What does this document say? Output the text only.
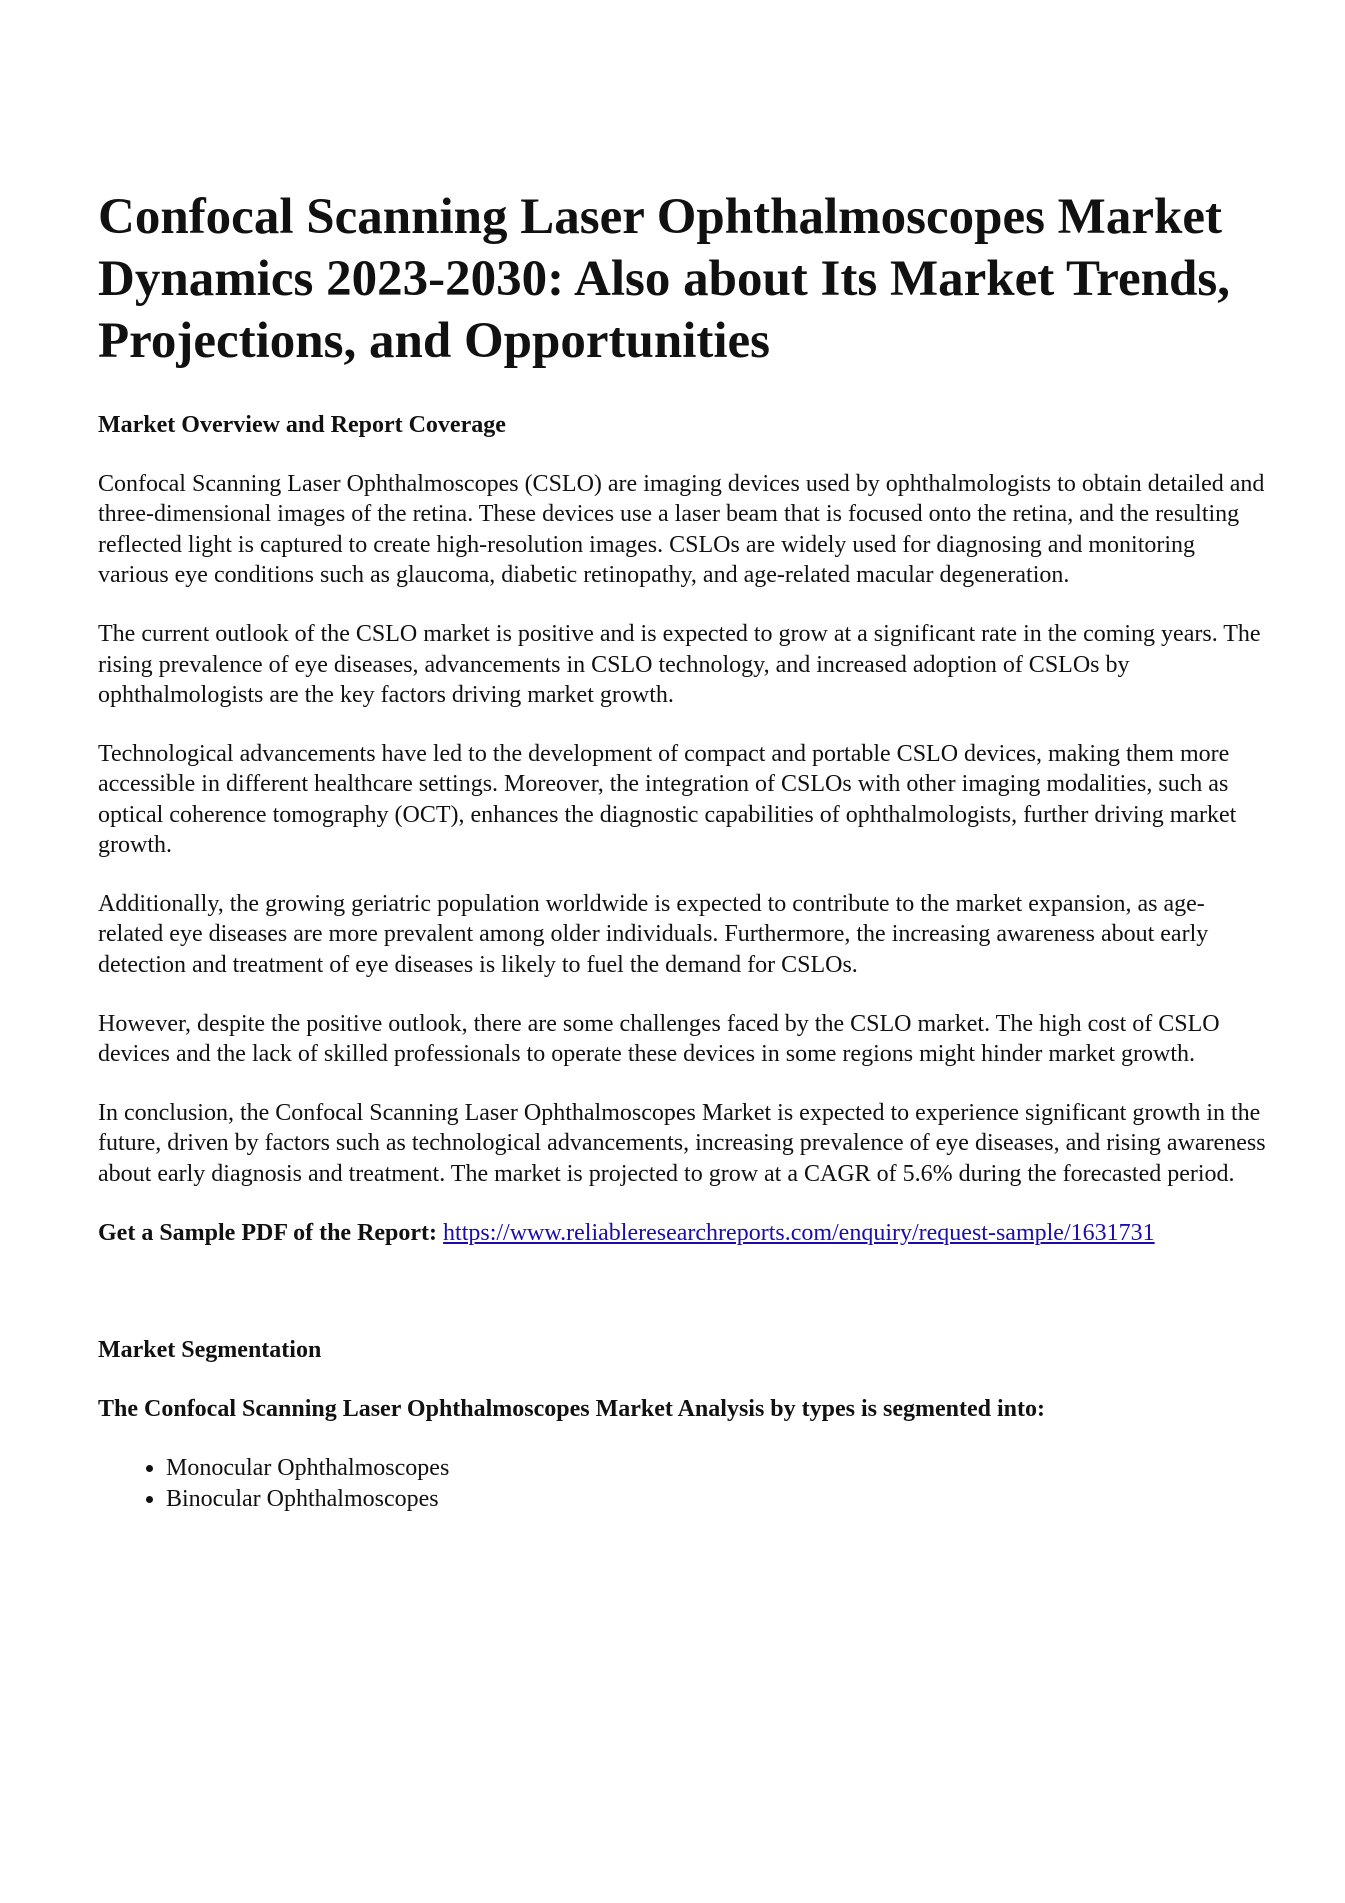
Confocal Scanning Laser Ophthalmoscopes Market Dynamics 2023-2030: Also about Its Market Trends, Projections, and Opportunities
Market Overview and Report Coverage

Confocal Scanning Laser Ophthalmoscopes (CSLO) are imaging devices used by ophthalmologists to obtain detailed and three-dimensional images of the retina. These devices use a laser beam that is focused onto the retina, and the resulting reflected light is captured to create high-resolution images. CSLOs are widely used for diagnosing and monitoring various eye conditions such as glaucoma, diabetic retinopathy, and age-related macular degeneration.

The current outlook of the CSLO market is positive and is expected to grow at a significant rate in the coming years. The rising prevalence of eye diseases, advancements in CSLO technology, and increased adoption of CSLOs by ophthalmologists are the key factors driving market growth.

Technological advancements have led to the development of compact and portable CSLO devices, making them more accessible in different healthcare settings. Moreover, the integration of CSLOs with other imaging modalities, such as optical coherence tomography (OCT), enhances the diagnostic capabilities of ophthalmologists, further driving market growth.

Additionally, the growing geriatric population worldwide is expected to contribute to the market expansion, as age-related eye diseases are more prevalent among older individuals. Furthermore, the increasing awareness about early detection and treatment of eye diseases is likely to fuel the demand for CSLOs.

However, despite the positive outlook, there are some challenges faced by the CSLO market. The high cost of CSLO devices and the lack of skilled professionals to operate these devices in some regions might hinder market growth.

In conclusion, the Confocal Scanning Laser Ophthalmoscopes Market is expected to experience significant growth in the future, driven by factors such as technological advancements, increasing prevalence of eye diseases, and rising awareness about early diagnosis and treatment. The market is projected to grow at a CAGR of 5.6% during the forecasted period.

Get a Sample PDF of the Report: https://www.reliableresearchreports.com/enquiry/request-sample/1631731

Market Segmentation
The Confocal Scanning Laser Ophthalmoscopes Market Analysis by types is segmented into:
• Monocular Ophthalmoscopes
• Binocular Ophthalmoscopes
